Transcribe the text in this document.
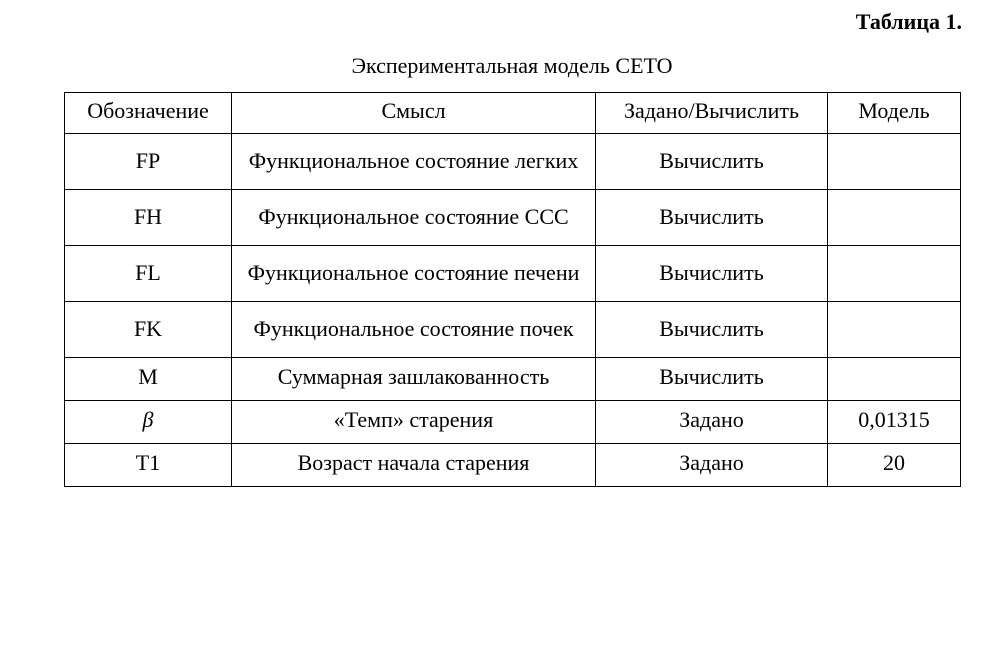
Таблица 1.
Экспериментальная модель СЕТО
Обозначение	Смысл	Задано/Вычислить	Модель
FP	Функциональное состояние легких	Вычислить	
FH	Функциональное состояние ССС	Вычислить	
FL	Функциональное состояние печени	Вычислить	
FK	Функциональное состояние почек	Вычислить	
M	Суммарная зашлакованность	Вычислить	
β	«Темп» старения	Задано	0,01315
T1	Возраст начала старения	Задано	20
